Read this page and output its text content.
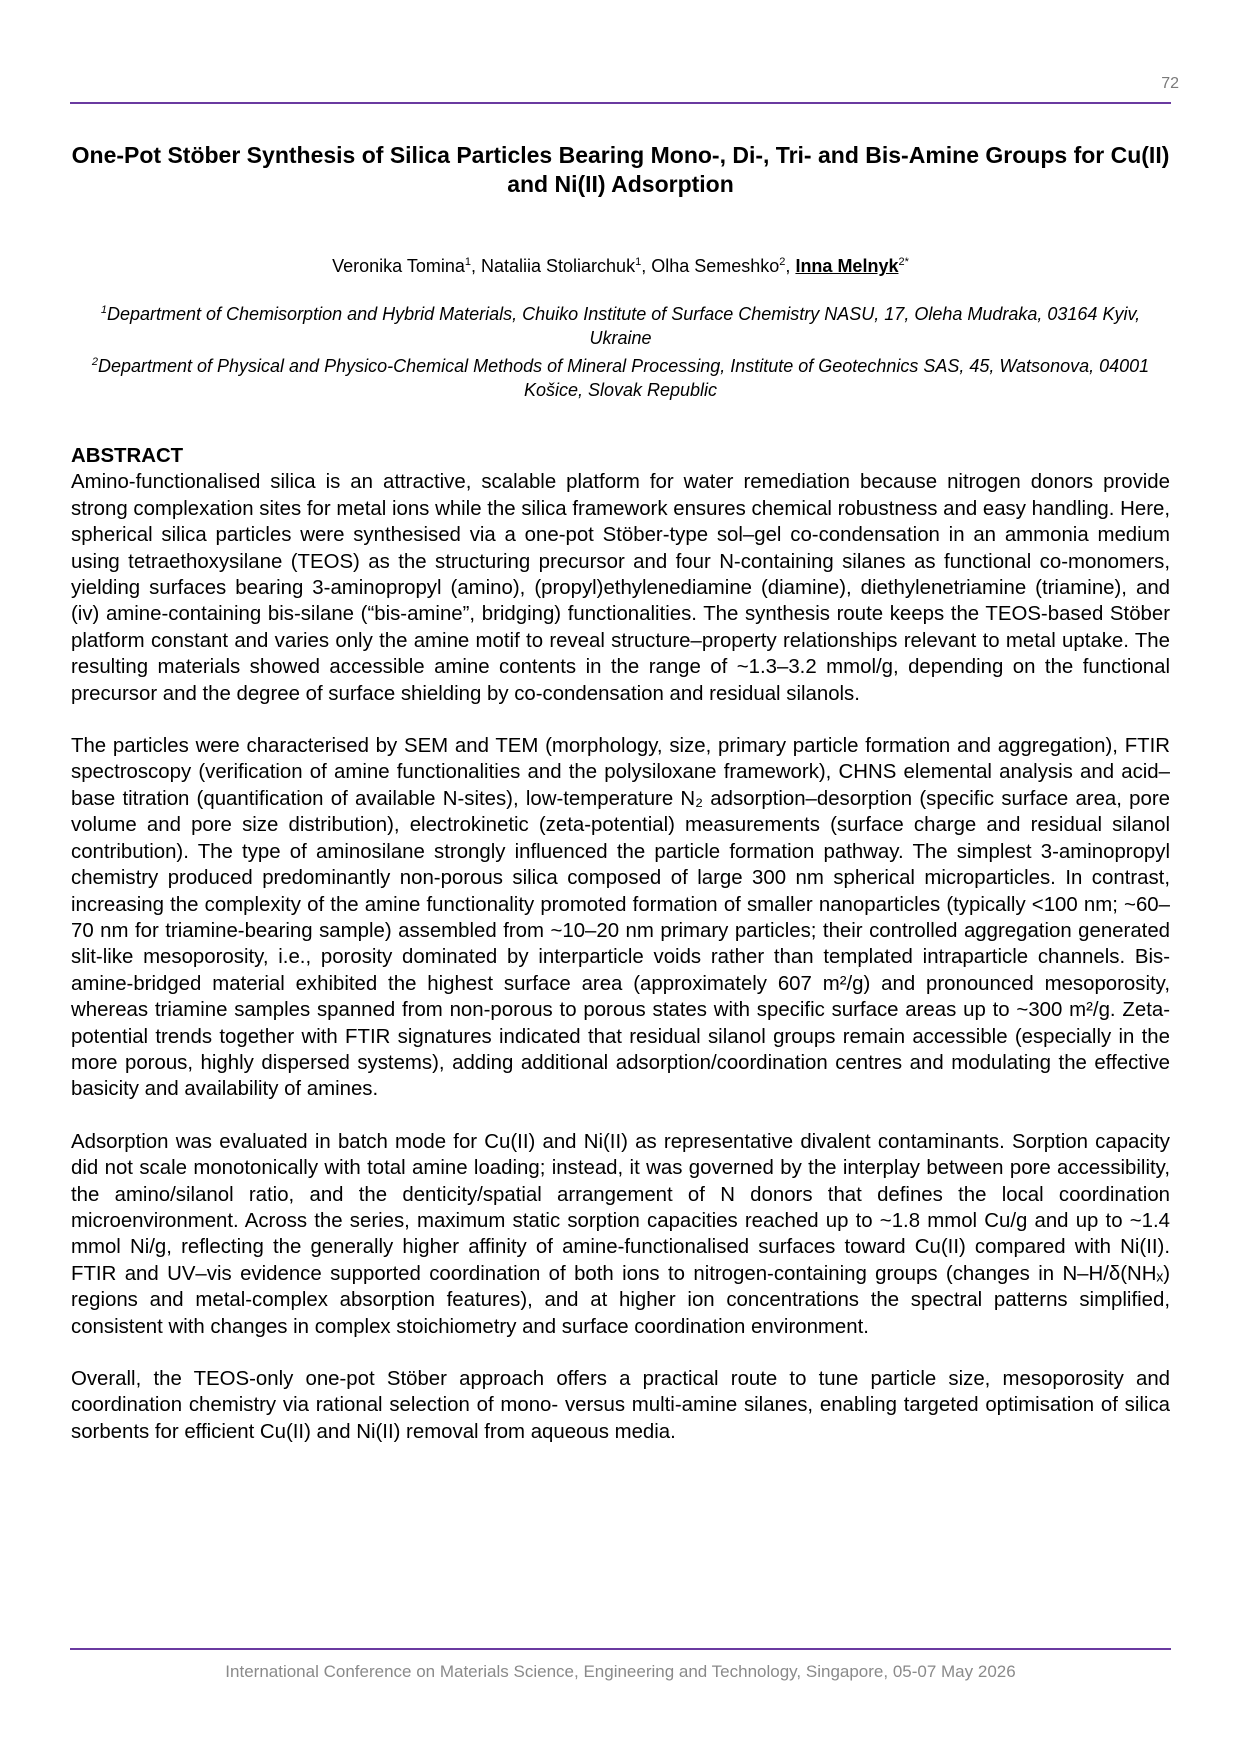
72
One-Pot Stöber Synthesis of Silica Particles Bearing Mono-, Di-, Tri- and Bis-Amine Groups for Cu(II) and Ni(II) Adsorption
Veronika Tomina$^1$, Nataliia Stoliarchuk$^1$, Olha Semeshko$^2$, Inna Melnyk$^{2*}$
$^1$Department of Chemisorption and Hybrid Materials, Chuiko Institute of Surface Chemistry NASU, 17, Oleha Mudraka, 03164 Kyiv, Ukraine
$^2$Department of Physical and Physico-Chemical Methods of Mineral Processing, Institute of Geotechnics SAS, 45, Watsonova, 04001 Košice, Slovak Republic
ABSTRACT

Amino-functionalised silica is an attractive, scalable platform for water remediation because nitrogen donors provide strong complexation sites for metal ions while the silica framework ensures chemical robustness and easy handling. Here, spherical silica particles were synthesised via a one-pot Stöber-type sol–gel co-condensation in an ammonia medium using tetraethoxysilane (TEOS) as the structuring precursor and four N-containing silanes as functional co-monomers, yielding surfaces bearing 3-aminopropyl (amino), (propyl)ethylenediamine (diamine), diethylenetriamine (triamine), and (iv) amine-containing bis-silane (“bis-amine”, bridging) functionalities. The synthesis route keeps the TEOS-based Stöber platform constant and varies only the amine motif to reveal structure–property relationships relevant to metal uptake. The resulting materials showed accessible amine contents in the range of ~1.3–3.2 mmol/g, depending on the functional precursor and the degree of surface shielding by co-condensation and residual silanols.

The particles were characterised by SEM and TEM (morphology, size, primary particle formation and aggregation), FTIR spectroscopy (verification of amine functionalities and the polysiloxane framework), CHNS elemental analysis and acid–base titration (quantification of available N-sites), low-temperature N₂ adsorption–desorption (specific surface area, pore volume and pore size distribution), electrokinetic (zeta-potential) measurements (surface charge and residual silanol contribution). The type of aminosilane strongly influenced the particle formation pathway. The simplest 3-aminopropyl chemistry produced predominantly non-porous silica composed of large 300 nm spherical microparticles. In contrast, increasing the complexity of the amine functionality promoted formation of smaller nanoparticles (typically <100 nm; ~60–70 nm for triamine-bearing sample) assembled from ~10–20 nm primary particles; their controlled aggregation generated slit-like mesoporosity, i.e., porosity dominated by interparticle voids rather than templated intraparticle channels. Bis-amine-bridged material exhibited the highest surface area (approximately 607 m²/g) and pronounced mesoporosity, whereas triamine samples spanned from non-porous to porous states with specific surface areas up to ~300 m²/g. Zeta-potential trends together with FTIR signatures indicated that residual silanol groups remain accessible (especially in the more porous, highly dispersed systems), adding additional adsorption/coordination centres and modulating the effective basicity and availability of amines.

Adsorption was evaluated in batch mode for Cu(II) and Ni(II) as representative divalent contaminants. Sorption capacity did not scale monotonically with total amine loading; instead, it was governed by the interplay between pore accessibility, the amino/silanol ratio, and the denticity/spatial arrangement of N donors that defines the local coordination microenvironment. Across the series, maximum static sorption capacities reached up to ~1.8 mmol Cu/g and up to ~1.4 mmol Ni/g, reflecting the generally higher affinity of amine-functionalised surfaces toward Cu(II) compared with Ni(II). FTIR and UV–vis evidence supported coordination of both ions to nitrogen-containing groups (changes in N–H/δ(NHₓ) regions and metal-complex absorption features), and at higher ion concentrations the spectral patterns simplified, consistent with changes in complex stoichiometry and surface coordination environment.

Overall, the TEOS-only one-pot Stöber approach offers a practical route to tune particle size, mesoporosity and coordination chemistry via rational selection of mono- versus multi-amine silanes, enabling targeted optimisation of silica sorbents for efficient Cu(II) and Ni(II) removal from aqueous media.

International Conference on Materials Science, Engineering and Technology, Singapore, 05-07 May 2026
